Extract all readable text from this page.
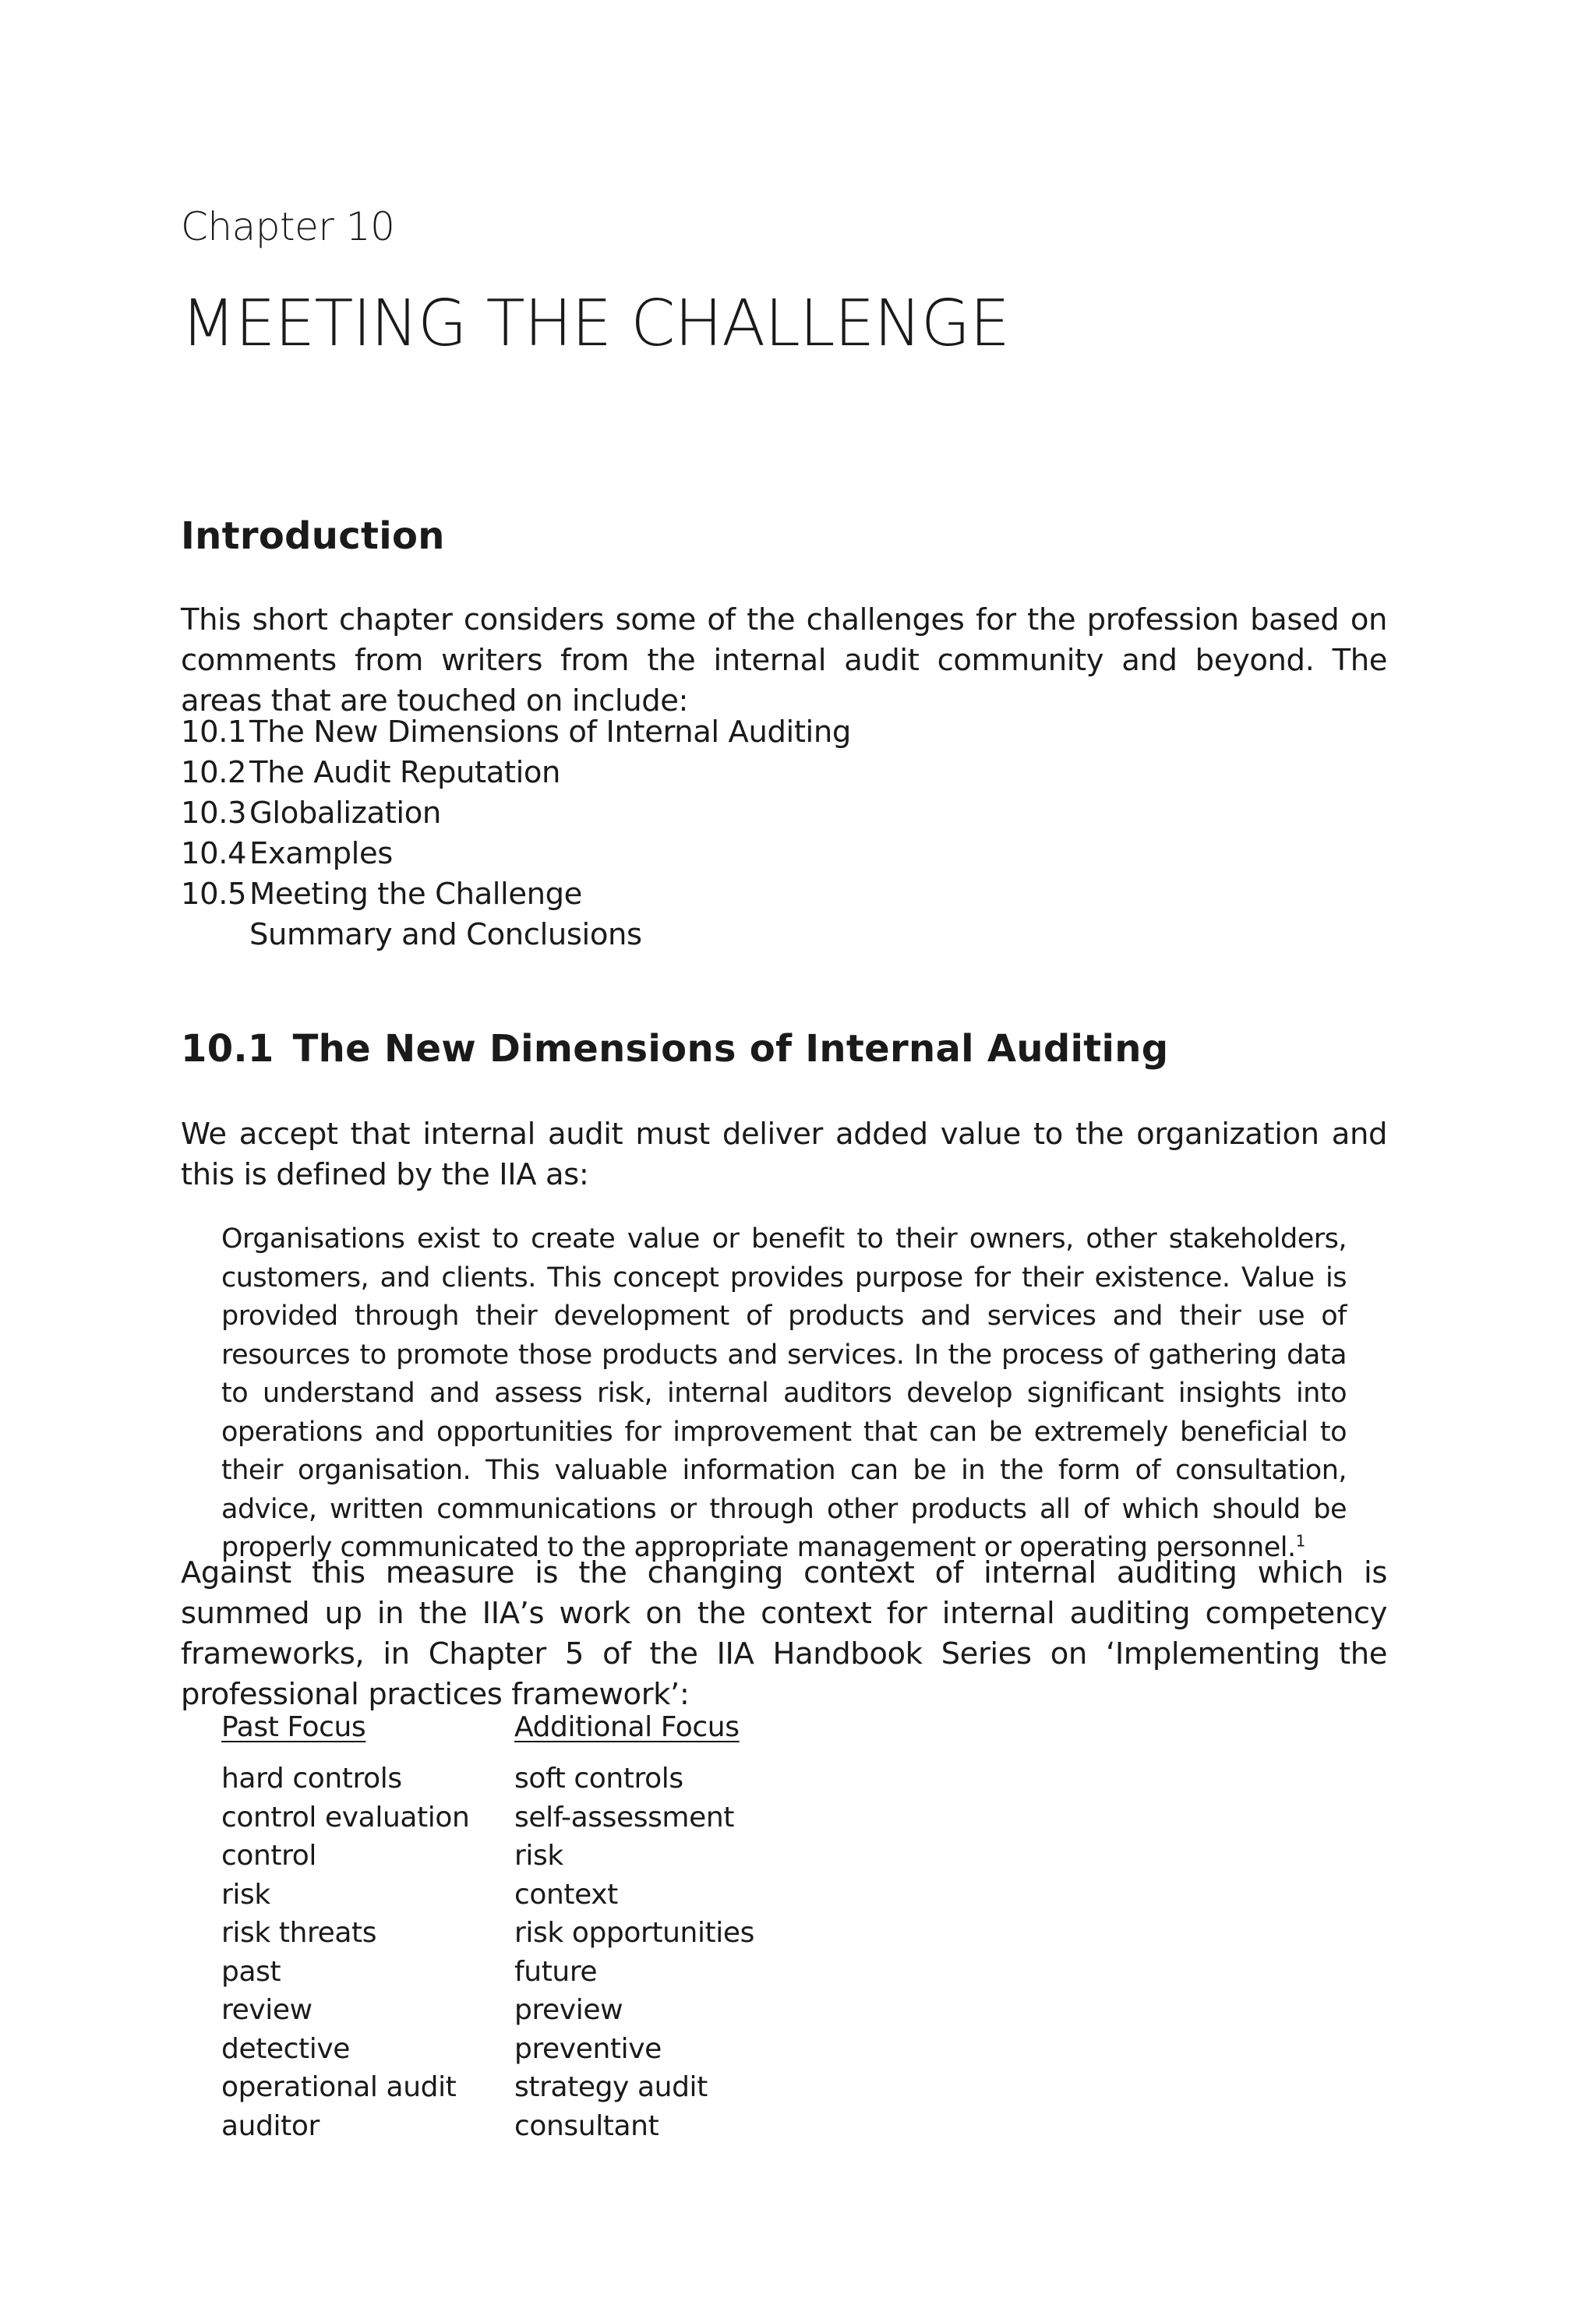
Chapter 10
MEETING THE CHALLENGE
Introduction
This short chapter considers some of the challenges for the profession based on comments from writers from the internal audit community and beyond. The areas that are touched on include:
10.1 The New Dimensions of Internal Auditing
10.2 The Audit Reputation
10.3 Globalization
10.4 Examples
10.5 Meeting the Challenge
Summary and Conclusions
10.1 The New Dimensions of Internal Auditing
We accept that internal audit must deliver added value to the organization and this is defined by the IIA as:
Organisations exist to create value or benefit to their owners, other stakeholders, customers, and clients. This concept provides purpose for their existence. Value is provided through their development of products and services and their use of resources to promote those products and services. In the process of gathering data to understand and assess risk, internal auditors develop significant insights into operations and opportunities for improvement that can be extremely beneficial to their organisation. This valuable information can be in the form of consultation, advice, written communications or through other products all of which should be properly communicated to the appropriate management or operating personnel.$^1$
Against this measure is the changing context of internal auditing which is summed up in the IIA’s work on the context for internal auditing competency frameworks, in Chapter 5 of the IIA Handbook Series on ‘Implementing the professional practices framework’:
Past Focus	Additional Focus
hard controls	soft controls
control evaluation	self-assessment
control	risk
risk	context
risk threats	risk opportunities
past	future
review	preview
detective	preventive
operational audit	strategy audit
auditor	consultant
